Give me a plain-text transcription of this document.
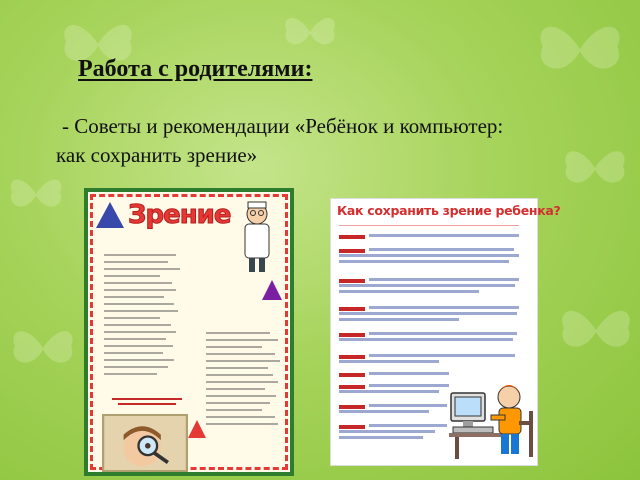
Работа с родителями:

- Советы и рекомендации «Ребёнок и компьютер: как сохранить зрение»

Зрение	Как сохранить зрение ребенка?
